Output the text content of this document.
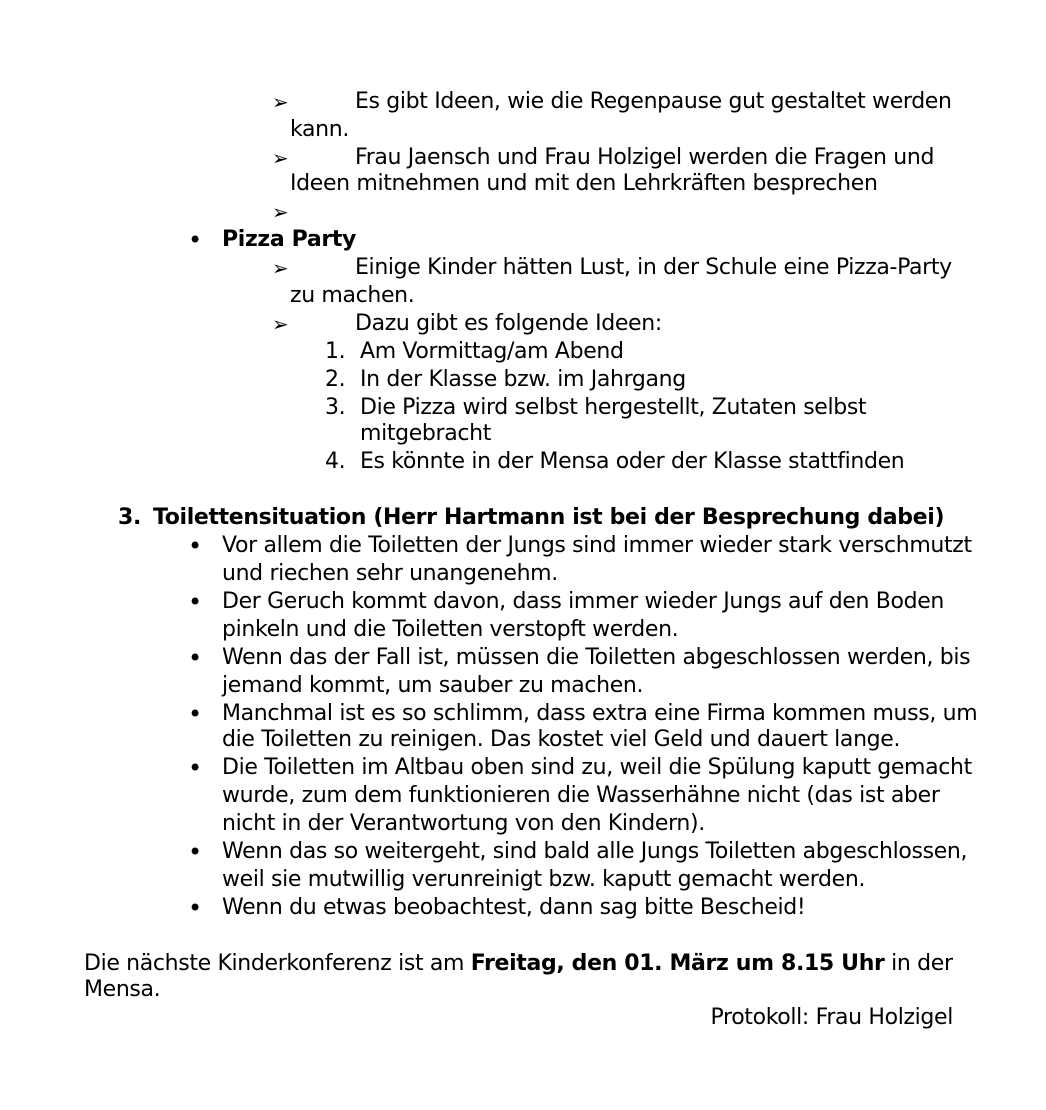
➢	Es gibt Ideen, wie die Regenpause gut gestaltet werden
kann.
➢	Frau Jaensch und Frau Holzigel werden die Fragen und
Ideen mitnehmen und mit den Lehrkräften besprechen
➢
• Pizza Party
➢	Einige Kinder hätten Lust, in der Schule eine Pizza-Party
zu machen.
➢	Dazu gibt es folgende Ideen:
1. Am Vormittag/am Abend
2. In der Klasse bzw. im Jahrgang
3. Die Pizza wird selbst hergestellt, Zutaten selbst
mitgebracht
4. Es könnte in der Mensa oder der Klasse stattfinden
3. Toilettensituation (Herr Hartmann ist bei der Besprechung dabei)
• Vor allem die Toiletten der Jungs sind immer wieder stark verschmutzt
und riechen sehr unangenehm.
• Der Geruch kommt davon, dass immer wieder Jungs auf den Boden
pinkeln und die Toiletten verstopft werden.
• Wenn das der Fall ist, müssen die Toiletten abgeschlossen werden, bis
jemand kommt, um sauber zu machen.
• Manchmal ist es so schlimm, dass extra eine Firma kommen muss, um
die Toiletten zu reinigen. Das kostet viel Geld und dauert lange.
• Die Toiletten im Altbau oben sind zu, weil die Spülung kaputt gemacht
wurde, zum dem funktionieren die Wasserhähne nicht (das ist aber
nicht in der Verantwortung von den Kindern).
• Wenn das so weitergeht, sind bald alle Jungs Toiletten abgeschlossen,
weil sie mutwillig verunreinigt bzw. kaputt gemacht werden.
• Wenn du etwas beobachtest, dann sag bitte Bescheid!
Die nächste Kinderkonferenz ist am Freitag, den 01. März um 8.15 Uhr in der
Mensa.
Protokoll: Frau Holzigel
